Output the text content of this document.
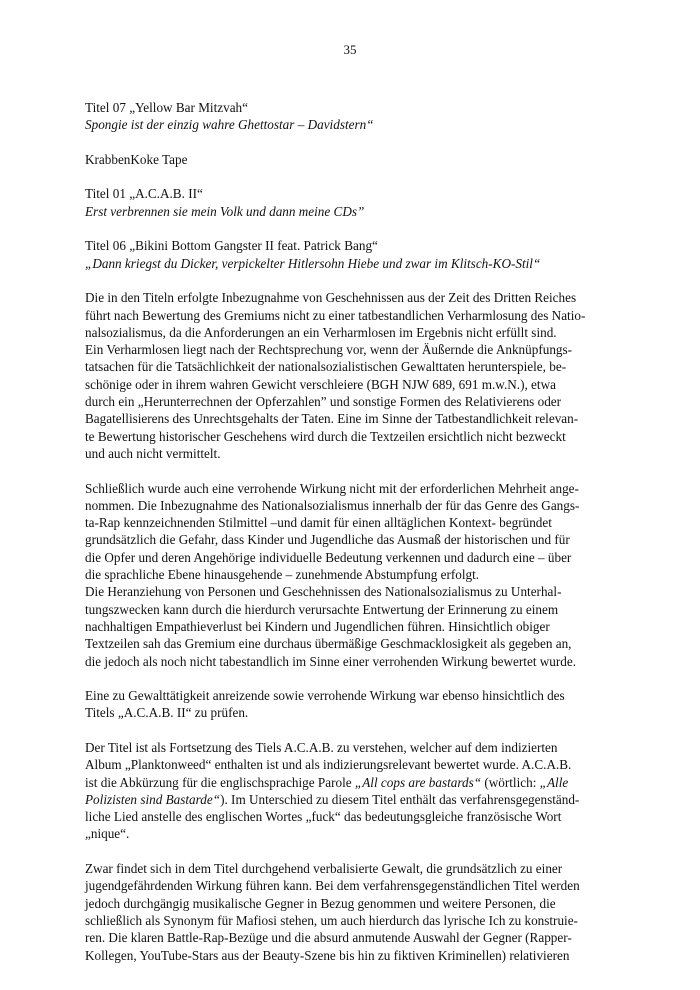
35
Titel 07 „Yellow Bar Mitzvah“
Spongie ist der einzig wahre Ghettostar – Davidstern“
KrabbenKoke Tape
Titel 01 „A.C.A.B. II“
Erst verbrennen sie mein Volk und dann meine CDs”
Titel 06 „Bikini Bottom Gangster II feat. Patrick Bang“
„Dann kriegst du Dicker, verpickelter Hitlersohn Hiebe und zwar im Klitsch-KO-Stil“
Die in den Titeln erfolgte Inbezugnahme von Geschehnissen aus der Zeit des Dritten Reiches
führt nach Bewertung des Gremiums nicht zu einer tatbestandlichen Verharmlosung des Natio-
nalsozialismus, da die Anforderungen an ein Verharmlosen im Ergebnis nicht erfüllt sind.
Ein Verharmlosen liegt nach der Rechtsprechung vor, wenn der Äußernde die Anknüpfungs-
tatsachen für die Tatsächlichkeit der nationalsozialistischen Gewalttaten herunterspiele, be-
schönige oder in ihrem wahren Gewicht verschleiere (BGH NJW 689, 691 m.w.N.), etwa
durch ein „Herunterrechnen der Opferzahlen” und sonstige Formen des Relativierens oder
Bagatellisierens des Unrechtsgehalts der Taten. Eine im Sinne der Tatbestandlichkeit relevan-
te Bewertung historischer Geschehens wird durch die Textzeilen ersichtlich nicht bezweckt
und auch nicht vermittelt.
Schließlich wurde auch eine verrohende Wirkung nicht mit der erforderlichen Mehrheit ange-
nommen. Die Inbezugnahme des Nationalsozialismus innerhalb der für das Genre des Gangs-
ta-Rap kennzeichnenden Stilmittel –und damit für einen alltäglichen Kontext- begründet
grundsätzlich die Gefahr, dass Kinder und Jugendliche das Ausmaß der historischen und für
die Opfer und deren Angehörige individuelle Bedeutung verkennen und dadurch eine – über
die sprachliche Ebene hinausgehende – zunehmende Abstumpfung erfolgt.
Die Heranziehung von Personen und Geschehnissen des Nationalsozialismus zu Unterhal-
tungszwecken kann durch die hierdurch verursachte Entwertung der Erinnerung zu einem
nachhaltigen Empathieverlust bei Kindern und Jugendlichen führen. Hinsichtlich obiger
Textzeilen sah das Gremium eine durchaus übermäßige Geschmacklosigkeit als gegeben an,
die jedoch als noch nicht tabestandlich im Sinne einer verrohenden Wirkung bewertet wurde.
Eine zu Gewalttätigkeit anreizende sowie verrohende Wirkung war ebenso hinsichtlich des
Titels „A.C.A.B. II“ zu prüfen.
Der Titel ist als Fortsetzung des Tiels A.C.A.B. zu verstehen, welcher auf dem indizierten
Album „Planktonweed“ enthalten ist und als indizierungsrelevant bewertet wurde. A.C.A.B.
ist die Abkürzung für die englischsprachige Parole „All cops are bastards“ (wörtlich: „Alle
Polizisten sind Bastarde“). Im Unterschied zu diesem Titel enthält das verfahrensgegenständ-
liche Lied anstelle des englischen Wortes „fuck“ das bedeutungsgleiche französische Wort
„nique“.
Zwar findet sich in dem Titel durchgehend verbalisierte Gewalt, die grundsätzlich zu einer
jugendgefährdenden Wirkung führen kann. Bei dem verfahrensgegenständlichen Titel werden
jedoch durchgängig musikalische Gegner in Bezug genommen und weitere Personen, die
schließlich als Synonym für Mafiosi stehen, um auch hierdurch das lyrische Ich zu konstruie-
ren. Die klaren Battle-Rap-Bezüge und die absurd anmutende Auswahl der Gegner (Rapper-
Kollegen, YouTube-Stars aus der Beauty-Szene bis hin zu fiktiven Kriminellen) relativieren
